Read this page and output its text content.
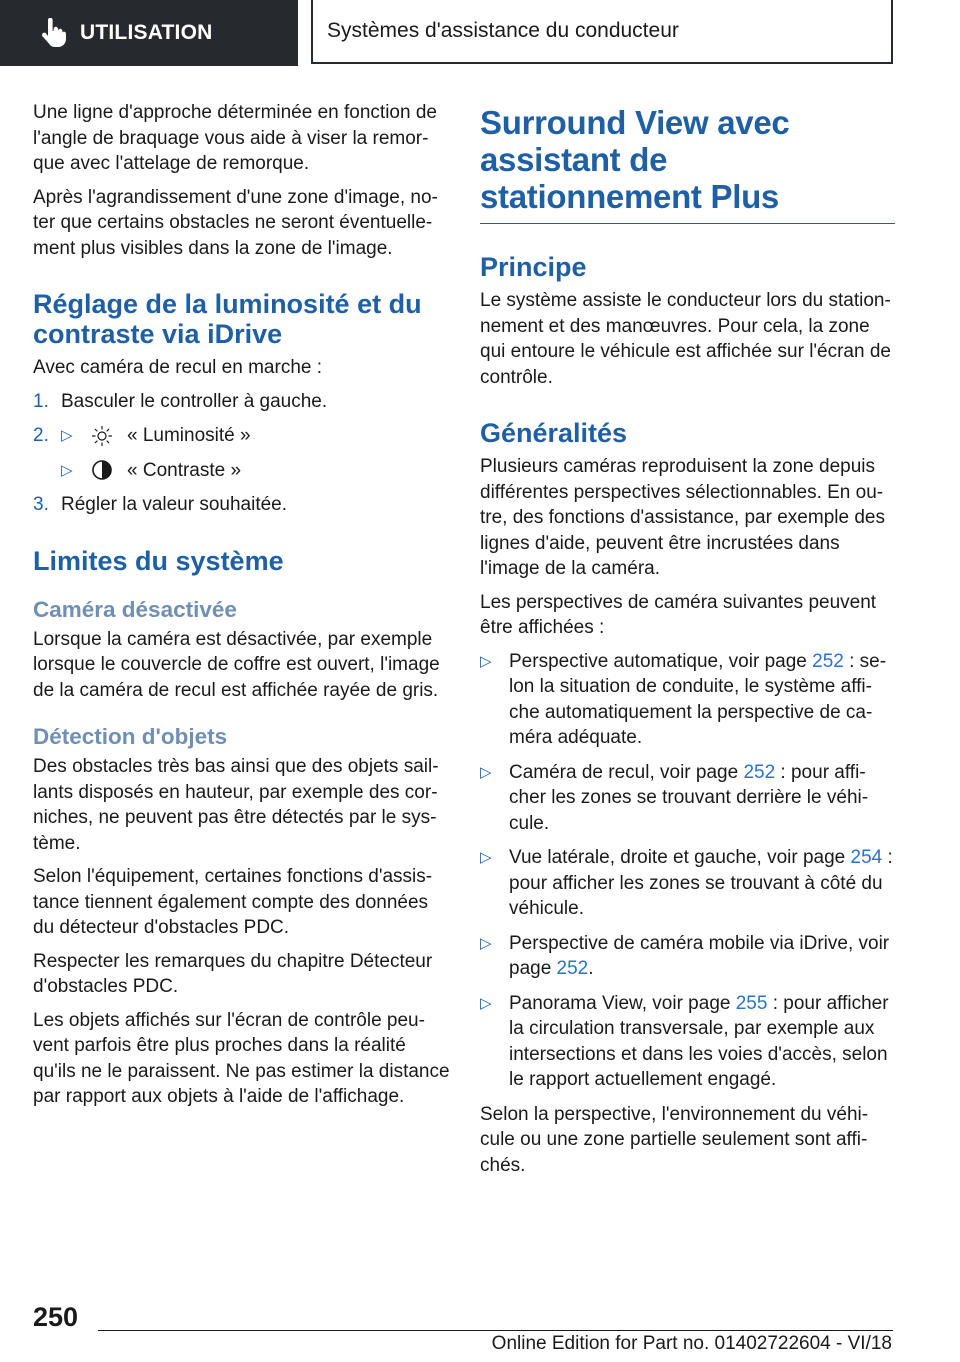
UTILISATION	Systèmes d'assistance du conducteur

Une ligne d'approche déterminée en fonction de l'angle de braquage vous aide à viser la remorque avec l'attelage de remorque.

Après l'agrandissement d'une zone d'image, noter que certains obstacles ne seront éventuellement plus visibles dans la zone de l'image.

Réglage de la luminosité et du contraste via iDrive

Avec caméra de recul en marche :

1. Basculer le controller à gauche.
2. ▷	« Luminosité »
▷	« Contraste »
3. Régler la valeur souhaitée.
Limites du système
Caméra désactivée

Lorsque la caméra est désactivée, par exemple lorsque le couvercle de coffre est ouvert, l'image de la caméra de recul est affichée rayée de gris.

Détection d'objets

Des obstacles très bas ainsi que des objets saillants disposés en hauteur, par exemple des corniches, ne peuvent pas être détectés par le système.

Selon l'équipement, certaines fonctions d'assistance tiennent également compte des données du détecteur d'obstacles PDC.

Respecter les remarques du chapitre Détecteur d'obstacles PDC.

Les objets affichés sur l'écran de contrôle peuvent parfois être plus proches dans la réalité qu'ils ne le paraissent. Ne pas estimer la distance par rapport aux objets à l'aide de l'affichage.

Surround View avec assistant de stationnement Plus
Principe

Le système assiste le conducteur lors du stationnement et des manœuvres. Pour cela, la zone qui entoure le véhicule est affichée sur l'écran de contrôle.

Généralités

Plusieurs caméras reproduisent la zone depuis différentes perspectives sélectionnables. En outre, des fonctions d'assistance, par exemple des lignes d'aide, peuvent être incrustées dans l'image de la caméra.

Les perspectives de caméra suivantes peuvent être affichées :

▷ Perspective automatique, voir page 252 : selon la situation de conduite, le système affiche automatiquement la perspective de caméra adéquate.
▷ Caméra de recul, voir page 252 : pour afficher les zones se trouvant derrière le véhicule.
▷ Vue latérale, droite et gauche, voir page 254 : pour afficher les zones se trouvant à côté du véhicule.
▷ Perspective de caméra mobile via iDrive, voir page 252.
▷ Panorama View, voir page 255 : pour afficher la circulation transversale, par exemple aux intersections et dans les voies d'accès, selon le rapport actuellement engagé.

Selon la perspective, l'environnement du véhicule ou une zone partielle seulement sont affichés.

250
Online Edition for Part no. 01402722604 - VI/18
